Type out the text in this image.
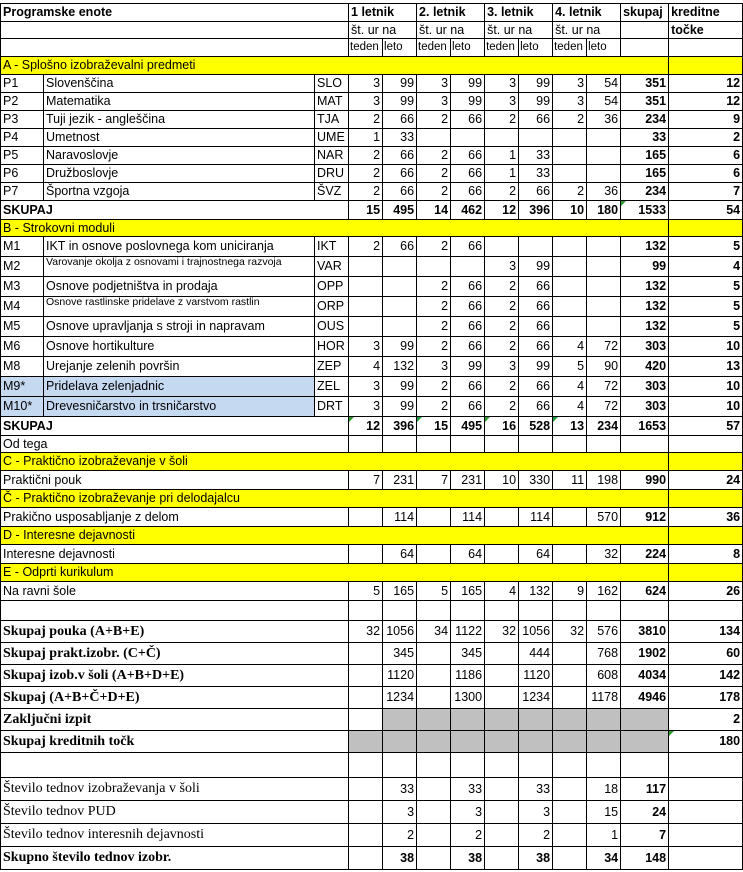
Programske enote			1 letnik		2. letnik		3. letnik		4. letnik		skupaj	kreditne
			št. ur na		št. ur na		št. ur na		št. ur na			točke
			teden	leto	teden	leto	teden	leto	teden	leto		
A - Splošno izobraževalni predmeti												
P1	Slovenščina	SLO	3	99	3	99	3	99	3	54	351	12
P2	Matematika	MAT	3	99	3	99	3	99	3	54	351	12
P3	Tuji jezik - angleščina	TJA	2	66	2	66	2	66	2	36	234	9
P4	Umetnost	UME	1	33							33	2
P5	Naravoslovje	NAR	2	66	2	66	1	33			165	6
P6	Družboslovje	DRU	2	66	2	66	1	33			165	6
P7	Športna vzgoja	ŠVZ	2	66	2	66	2	66	2	36	234	7
SKUPAJ			15	495	14	462	12	396	10	180	1533	54
B - Strokovni moduli												
M1	IKT in osnove poslovnega kom uniciranja	IKT	2	66	2	66					132	5
M2	Varovanje okolja z osnovami i trajnostnega razvoja	VAR					3	99			99	4
M3	Osnove podjetništva in prodaja	OPP			2	66	2	66			132	5
M4	Osnove rastlinske pridelave z varstvom rastlin	ORP			2	66	2	66			132	5
M5	Osnove upravljanja s stroji in napravam	OUS			2	66	2	66			132	5
M6	Osnove hortikulture	HOR	3	99	2	66	2	66	4	72	303	10
M8	Urejanje zelenih površin	ZEP	4	132	3	99	3	99	5	90	420	13
M9*	Pridelava zelenjadnic	ZEL	3	99	2	66	2	66	4	72	303	10
M10*	Drevesničarstvo in trsničarstvo	DRT	3	99	2	66	2	66	4	72	303	10
SKUPAJ			12	396	15	495	16	528	13	234	1653	57
Od tega												
C - Praktično izobraževanje v šoli												
Praktični pouk			7	231	7	231	10	330	11	198	990	24
Č - Praktično izobraževanje pri delodajalcu												
Prakično usposabljanje z delom				114		114		114		570	912	36
D - Interesne dejavnosti												
Interesne dejavnosti				64		64		64		32	224	8
E - Odprti kurikulum												
Na ravni šole			5	165	5	165	4	132	9	162	624	26

Skupaj pouka (A+B+E)			32	1056	34	1122	32	1056	32	576	3810	134
Skupaj prakt.izobr. (C+Č)				345		345		444		768	1902	60
Skupaj izob.v šoli (A+B+D+E)				1120		1186		1120		608	4034	142
Skupaj (A+B+Č+D+E)				1234		1300		1234		1178	4946	178
Zaključni izpit												2
Skupaj kreditnih točk												180

Število tednov izobraževanja v šoli				33		33		33		18	117	
Število tednov PUD				3		3		3		15	24	
Število tednov interesnih dejavnosti				2		2		2		1	7	
Skupno število tednov izobr.				38		38		38		34	148	
